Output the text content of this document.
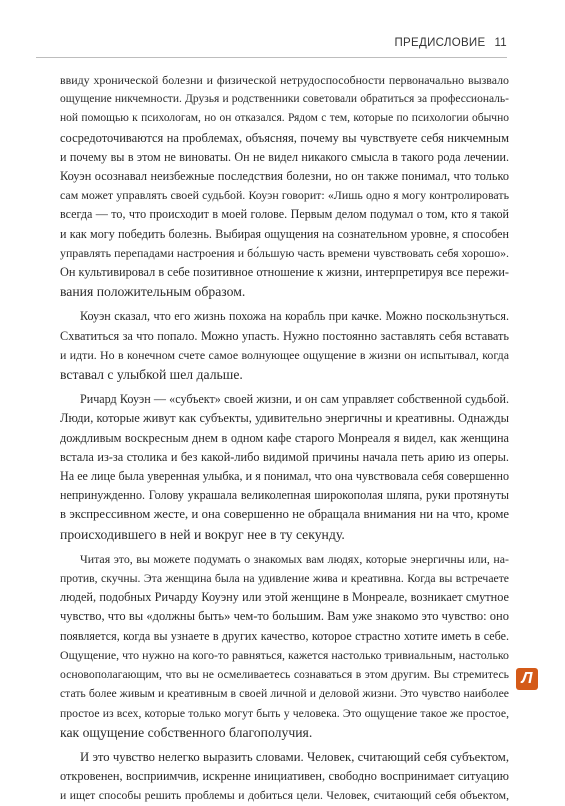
ПРЕДИСЛОВИЕ 11
ввиду хронической болезни и физической нетрудоспособности первоначально вызвало
ощущение никчемности. Друзья и родственники советовали обратиться за профессиональ-
ной помощью к психологам, но он отказался. Рядом с тем, которые по психологии обычно
сосредоточиваются на проблемах, объясняя, почему вы чувствуете себя никчемным
и почему вы в этом не виноваты. Он не видел никакого смысла в такого рода лечении.
Коуэн осознавал неизбежные последствия болезни, но он также понимал, что только
сам может управлять своей судьбой. Коуэн говорит: «Лишь одно я могу контролировать
всегда — то, что происходит в моей голове. Первым делом подумал о том, кто я такой
и как могу победить болезнь. Выбирая ощущения на сознательном уровне, я способен
управлять перепадами настроения и бо́льшую часть времени чувствовать себя хорошо».
Он культивировал в себе позитивное отношение к жизни, интерпретируя все пережи-
вания положительным образом.
Коуэн сказал, что его жизнь похожа на корабль при качке. Можно поскользнуться.
Схватиться за что попало. Можно упасть. Нужно постоянно заставлять себя вставать
и идти. Но в конечном счете самое волнующее ощущение в жизни он испытывал, когда
вставал с улыбкой шел дальше.
Ричард Коуэн — «субъект» своей жизни, и он сам управляет собственной судьбой.
Люди, которые живут как субъекты, удивительно энергичны и креативны. Однажды
дождливым воскресным днем в одном кафе старого Монреаля я видел, как женщина
встала из-за столика и без какой-либо видимой причины начала петь арию из оперы.
На ее лице была уверенная улыбка, и я понимал, что она чувствовала себя совершенно
непринужденно. Голову украшала великолепная широкополая шляпа, руки протянуты
в экспрессивном жесте, и она совершенно не обращала внимания ни на что, кроме
происходившего в ней и вокруг нее в ту секунду.
Читая это, вы можете подумать о знакомых вам людях, которые энергичны или, на-
против, скучны. Эта женщина была на удивление жива и креативна. Когда вы встречаете
людей, подобных Ричарду Коуэну или этой женщине в Монреале, возникает смутное
чувство, что вы «должны быть» чем-то большим. Вам уже знакомо это чувство: оно
появляется, когда вы узнаете в других качество, которое страстно хотите иметь в себе.
Ощущение, что нужно на кого-то равняться, кажется настолько тривиальным, настолько
основополагающим, что вы не осмеливаетесь сознаваться в этом другим. Вы стремитесь
стать более живым и креативным в своей личной и деловой жизни. Это чувство наиболее
простое из всех, которые только могут быть у человека. Это ощущение такое же простое,
как ощущение собственного благополучия.
И это чувство нелегко выразить словами. Человек, считающий себя субъектом,
откровенен, восприимчив, искренне инициативен, свободно воспринимает ситуацию
и ищет способы решить проблемы и добиться цели. Человек, считающий себя объектом,
Л
